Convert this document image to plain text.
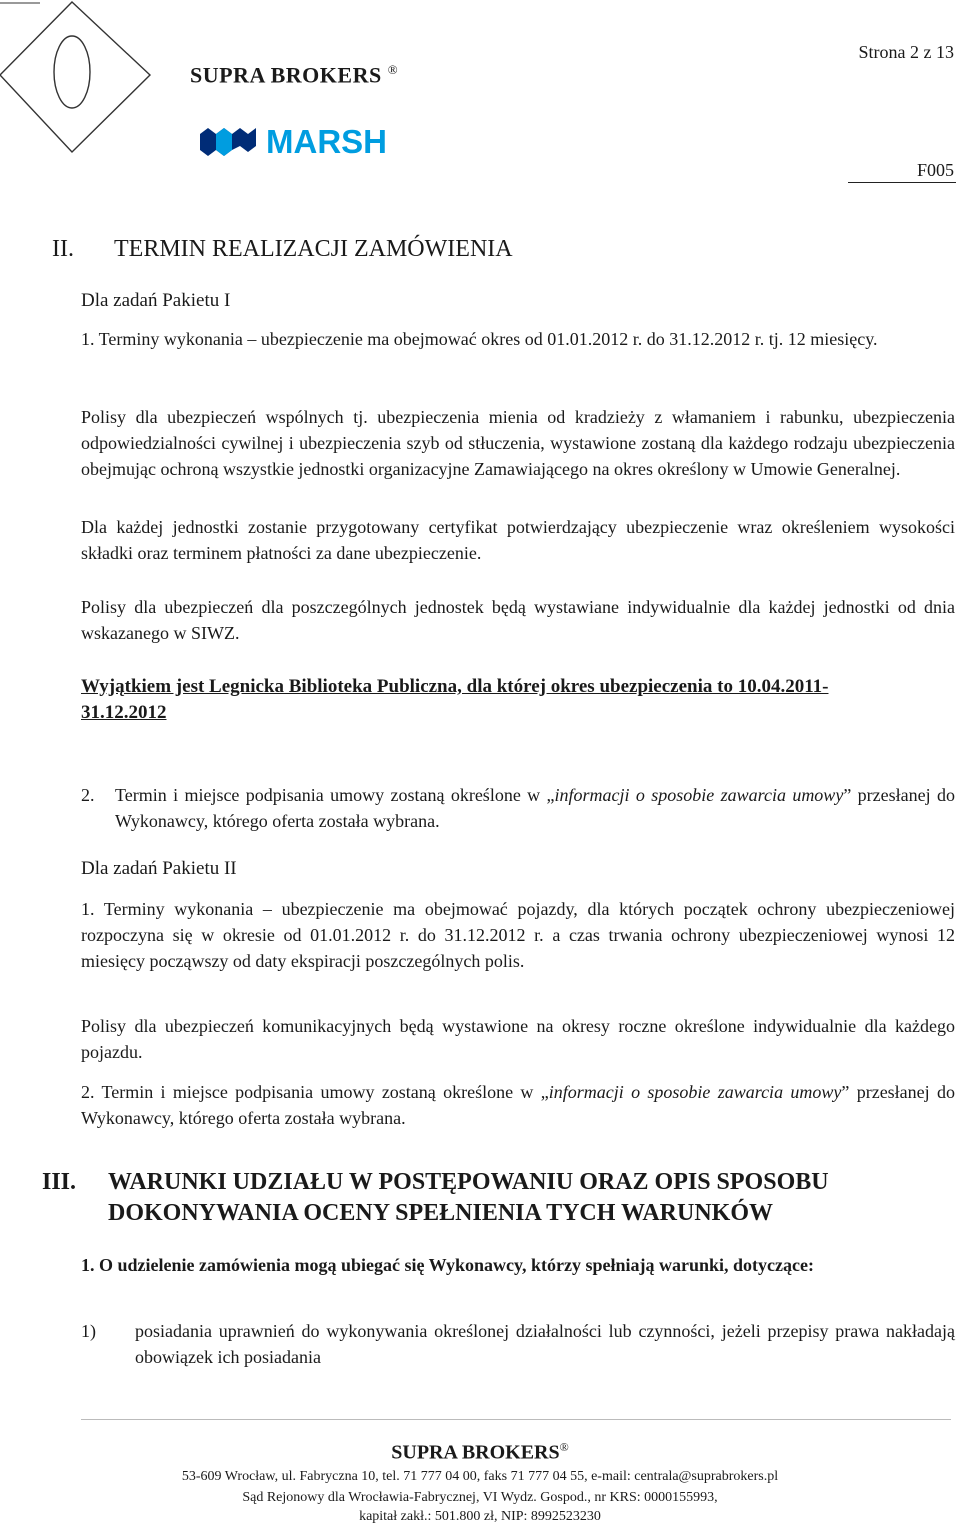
SUPRA BROKERS ®
MARSH
Strona 2 z 13
F005
II. TERMIN REALIZACJI ZAMÓWIENIA
Dla zadań Pakietu I
1. Terminy wykonania – ubezpieczenie ma obejmować okres od 01.01.2012 r. do 31.12.2012 r. tj. 12 miesięcy.
Polisy dla ubezpieczeń wspólnych tj. ubezpieczenia mienia od kradzieży z włamaniem i rabunku, ubezpieczenia odpowiedzialności cywilnej i ubezpieczenia szyb od stłuczenia, wystawione zostaną dla każdego rodzaju ubezpieczenia obejmując ochroną wszystkie jednostki organizacyjne Zamawiającego na okres określony w Umowie Generalnej.
Dla każdej jednostki zostanie przygotowany certyfikat potwierdzający ubezpieczenie wraz określeniem wysokości składki oraz terminem płatności za dane ubezpieczenie.
Polisy dla ubezpieczeń dla poszczególnych jednostek będą wystawiane indywidualnie dla każdej jednostki od dnia wskazanego w SIWZ.
Wyjątkiem jest Legnicka Biblioteka Publiczna, dla której okres ubezpieczenia to 10.04.2011-31.12.2012
2.	Termin i miejsce podpisania umowy zostaną określone w „informacji o sposobie zawarcia umowy” przesłanej do Wykonawcy, którego oferta została wybrana.
Dla zadań Pakietu II
1. Terminy wykonania – ubezpieczenie ma obejmować pojazdy, dla których początek ochrony ubezpieczeniowej rozpoczyna się w okresie od 01.01.2012 r. do 31.12.2012 r. a czas trwania ochrony ubezpieczeniowej wynosi 12 miesięcy począwszy od daty ekspiracji poszczególnych polis.
Polisy dla ubezpieczeń komunikacyjnych będą wystawione na okresy roczne określone indywidualnie dla każdego pojazdu.
2. Termin i miejsce podpisania umowy zostaną określone w „informacji o sposobie zawarcia umowy” przesłanej do Wykonawcy, którego oferta została wybrana.
III.	WARUNKI UDZIAŁU W POSTĘPOWANIU ORAZ OPIS SPOSOBU
DOKONYWANIA OCENY SPEŁNIENIA TYCH WARUNKÓW
1. O udzielenie zamówienia mogą ubiegać się Wykonawcy, którzy spełniają warunki, dotyczące:
1)	posiadania uprawnień do wykonywania określonej działalności lub czynności, jeżeli przepisy prawa nakładają obowiązek ich posiadania
SUPRA BROKERS®
53-609 Wrocław, ul. Fabryczna 10, tel. 71 777 04 00, faks 71 777 04 55, e-mail: centrala@suprabrokers.pl
Sąd Rejonowy dla Wrocławia-Fabrycznej, VI Wydz. Gospod., nr KRS: 0000155993,
kapitał zakł.: 501.800 zł, NIP: 8992523230
